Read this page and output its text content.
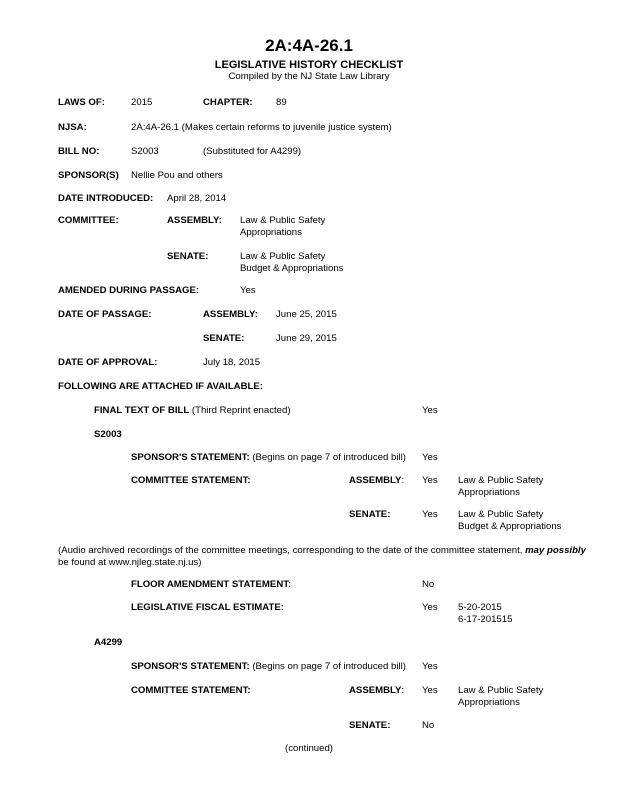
2A:4A-26.1
LEGISLATIVE HISTORY CHECKLIST
Compiled by the NJ State Law Library
LAWS OF:	2015	CHAPTER: 89
NJSA:	2A:4A-26.1 (Makes certain reforms to juvenile justice system)
BILL NO:	S2003	(Substituted for A4299)
SPONSOR(S) Nellie Pou and others
DATE INTRODUCED: April 28, 2014
COMMITTEE:	ASSEMBLY: Law & Public Safety
Appropriations
SENATE:	Law & Public Safety
Budget & Appropriations
AMENDED DURING PASSAGE:	Yes
DATE OF PASSAGE:	ASSEMBLY: June 25, 2015
SENATE:	June 29, 2015
DATE OF APPROVAL:	July 18, 2015
FOLLOWING ARE ATTACHED IF AVAILABLE:
FINAL TEXT OF BILL (Third Reprint enacted)	Yes
S2003
SPONSOR'S STATEMENT: (Begins on page 7 of introduced bill) Yes
COMMITTEE STATEMENT:	ASSEMBLY: Yes Law & Public Safety
Appropriations
SENATE:	Yes Law & Public Safety
Budget & Appropriations
(Audio archived recordings of the committee meetings, corresponding to the date of the committee statement, may possibly
be found at www.njleg.state.nj.us)
FLOOR AMENDMENT STATEMENT:	No
LEGISLATIVE FISCAL ESTIMATE:	Yes 5-20-2015
6-17-201515
A4299
SPONSOR'S STATEMENT: (Begins on page 7 of introduced bill) Yes
COMMITTEE STATEMENT:	ASSEMBLY: Yes Law & Public Safety
Appropriations
SENATE:	No
(continued)
